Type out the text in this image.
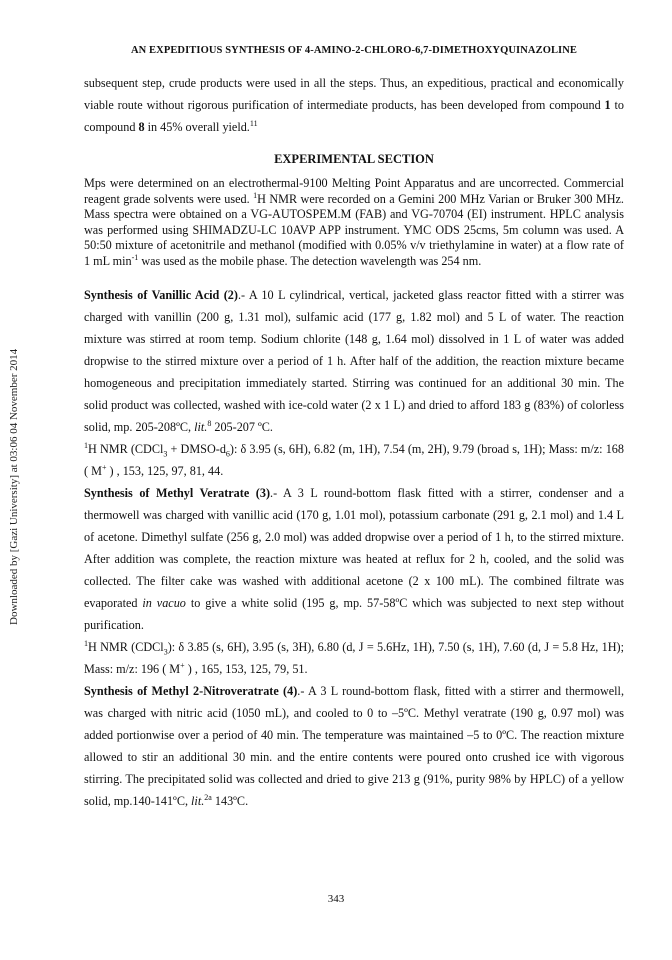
AN EXPEDITIOUS SYNTHESIS OF 4-AMINO-2-CHLORO-6,7-DIMETHOXYQUINAZOLINE
Downloaded by [Gazi University] at 03:06 04 November 2014

subsequent step, crude products were used in all the steps. Thus, an expeditious, practical and economically viable route without rigorous purification of intermediate products, has been developed from compound 1 to compound 8 in 45% overall yield.$^{11}$

EXPERIMENTAL SECTION

Mps were determined on an electrothermal-9100 Melting Point Apparatus and are uncorrected. Commercial reagent grade solvents were used. $^1$H NMR were recorded on a Gemini 200 MHz Varian or Bruker 300 MHz. Mass spectra were obtained on a VG-AUTOSPEM.M (FAB) and VG-70704 (EI) instrument. HPLC analysis was performed using SHIMADZU-LC 10AVP APP instrument. YMC ODS 25cms, 5m column was used. A 50:50 mixture of acetonitrile and methanol (modified with 0.05% v/v triethylamine in water) at a flow rate of 1 mL $\min^{-1}$ was used as the mobile phase. The detection wavelength was 254 nm.

Synthesis of Vanillic Acid (2).- A 10 L cylindrical, vertical, jacketed glass reactor fitted with a stirrer was charged with vanillin (200 g, 1.31 mol), sulfamic acid (177 g, 1.82 mol) and 5 L of water. The reaction mixture was stirred at room temp. Sodium chlorite (148 g, 1.64 mol) dissolved in 1 L of water was added dropwise to the stirred mixture over a period of 1 h. After half of the addition, the reaction mixture became homogeneous and precipitation immediately started. Stirring was continued for an additional 30 min. The solid product was collected, washed with ice-cold water (2 x 1 L) and dried to afford 183 g (83%) of colorless solid, mp. 205-208ºC, lit.$^8$ 205-207 ºC.

$^1$H NMR (CDCl$_3$ + DMSO-$d_6$): δ 3.95 (s, 6H), 6.82 (m, 1H), 7.54 (m, 2H), 9.79 (broad s, 1H); Mass: m/z: 168 ( M+ ) , 153, 125, 97, 81, 44.

Synthesis of Methyl Veratrate (3).- A 3 L round-bottom flask fitted with a stirrer, condenser and a thermowell was charged with vanillic acid (170 g, 1.01 mol), potassium carbonate (291 g, 2.1 mol) and 1.4 L of acetone. Dimethyl sulfate (256 g, 2.0 mol) was added dropwise over a period of 1 h, to the stirred mixture. After addition was complete, the reaction mixture was heated at reflux for 2 h, cooled, and the solid was collected. The filter cake was washed with additional acetone (2 x 100 mL). The combined filtrate was evaporated in vacuo to give a white solid (195 g, mp. 57-58ºC which was subjected to next step without purification.

$^1$H NMR (CDCl$_3$): δ 3.85 (s, 6H), 3.95 (s, 3H), 6.80 (d, J = 5.6Hz, 1H), 7.50 (s, 1H), 7.60 (d, J = 5.8 Hz, 1H); Mass: m/z: 196 ( M+ ) , 165, 153, 125, 79, 51.

Synthesis of Methyl 2-Nitroveratrate (4).- A 3 L round-bottom flask, fitted with a stirrer and thermowell, was charged with nitric acid (1050 mL), and cooled to 0 to –5ºC. Methyl veratrate (190 g, 0.97 mol) was added portionwise over a period of 40 min. The temperature was maintained –5 to 0ºC. The reaction mixture allowed to stir an additional 30 min. and the entire contents were poured onto crushed ice with vigorous stirring. The precipitated solid was collected and dried to give 213 g (91%, purity 98% by HPLC) of a yellow solid, mp.140-141ºC, lit.$^{2a}$ 143ºC.

343
